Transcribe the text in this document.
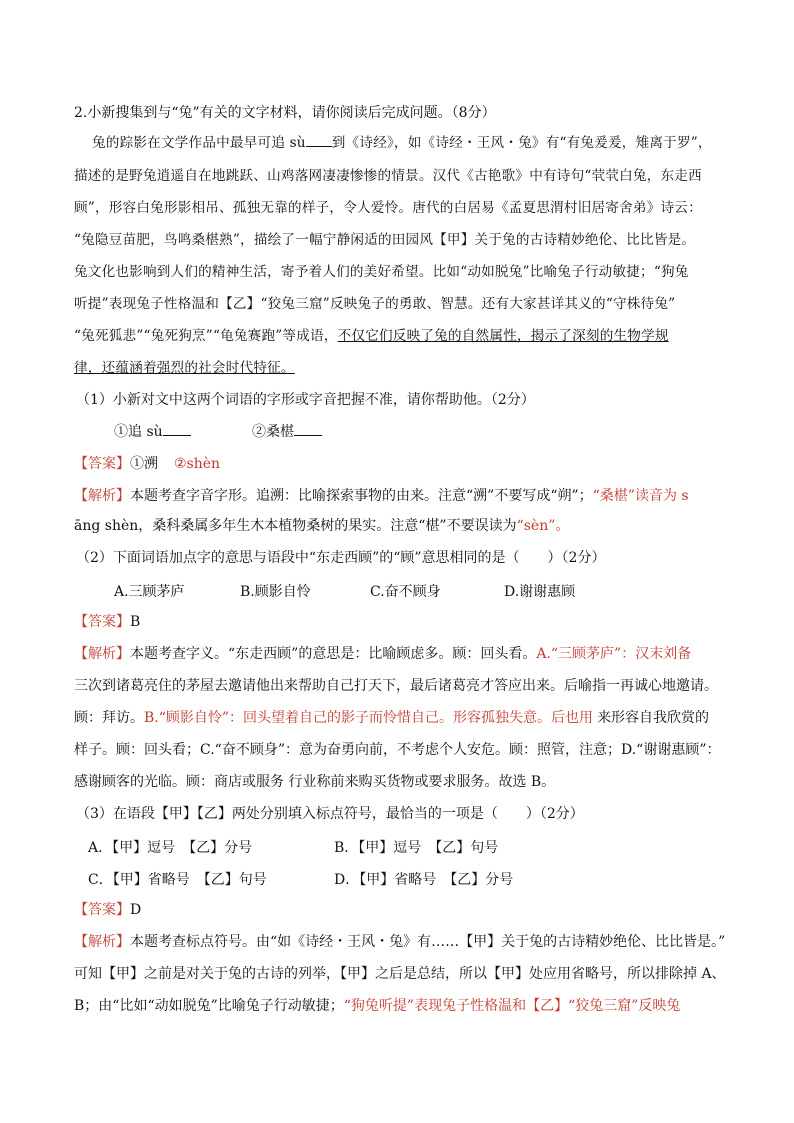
2.小新搜集到与“兔”有关的文字材料，请你阅读后完成问题。（8分）
兔的踪影在文学作品中最早可追 sù 到《诗经》，如《诗经・王风・兔》有“有兔爰爰，雉离于罗”，
描述的是野兔逍遥自在地跳跃、山鸡落网凄凄惨惨的情景。汉代《古艳歌》中有诗句“茕茕白兔，东走西
顾”，形容白兔形影相吊、孤独无靠的样子，令人爱怜。唐代的白居易《孟夏思渭村旧居寄舍弟》诗云：
“兔隐豆苗肥，鸟鸣桑椹熟”，描绘了一幅宁静闲适的田园风【甲】关于兔的古诗精妙绝伦、比比皆是。
兔文化也影响到人们的精神生活，寄予着人们的美好希望。比如“动如脱兔”比喻兔子行动敏捷；“狗兔
听提”表现兔子性格温和【乙】“狡兔三窟”反映兔子的勇敢、智慧。还有大家甚详其义的“守株待兔”
“兔死狐悲”“兔死狗烹”“龟兔赛跑”等成语，不仅它们反映了兔的自然属性，揭示了深刻的生物学规
律，还蕴涵着强烈的社会时代特征。
（1）小新对文中这两个词语的字形或字音把握不准，请你帮助他。（2分）
①追 sù	②桑椹
【答案】①溯 ②shèn
【解析】本题考查字音字形。追溯：比喻探索事物的由来。注意“溯”不要写成“朔”；“桑椹”读音为 s
āng shèn，桑科桑属多年生木本植物桑树的果实。注意“椹”不要误读为“sèn”。
（2）下面词语加点字的意思与语段中“东走西顾”的“顾”意思相同的是（　　）（2分）
A.三顾茅庐	B.顾影自怜	C.奋不顾身	D.谢谢惠顾
【答案】B
【解析】本题考查字义。“东走西顾”的意思是：比喻顾虑多。顾：回头看。A.“三顾茅庐”：汉末刘备
三次到诸葛亮住的茅屋去邀请他出来帮助自己打天下，最后诸葛亮才答应出来。后喻指一再诚心地邀请。
顾：拜访。B.“顾影自怜”：回头望着自己的影子而怜惜自己。形容孤独失意。后也用 来形容自我欣赏的
样子。顾：回头看；C.“奋不顾身”：意为奋勇向前，不考虑个人安危。顾：照管，注意；D.“谢谢惠顾”：
感谢顾客的光临。顾：商店或服务 行业称前来购买货物或要求服务。故选 B。
（3）在语段【甲】【乙】两处分别填入标点符号，最恰当的一项是（　　）（2分）
A．【甲】逗号　【乙】分号	B．【甲】逗号　【乙】句号
C．【甲】省略号　【乙】句号	D．【甲】省略号　【乙】分号
【答案】D
【解析】本题考查标点符号。由“如《诗经・王风・兔》有……【甲】关于兔的古诗精妙绝伦、比比皆是。”
可知【甲】之前是对关于兔的古诗的列举，【甲】之后是总结，所以【甲】处应用省略号，所以排除掉 A、
B；由“比如“动如脱兔”比喻兔子行动敏捷；“狗兔听提”表现兔子性格温和【乙】“狡兔三窟”反映兔
